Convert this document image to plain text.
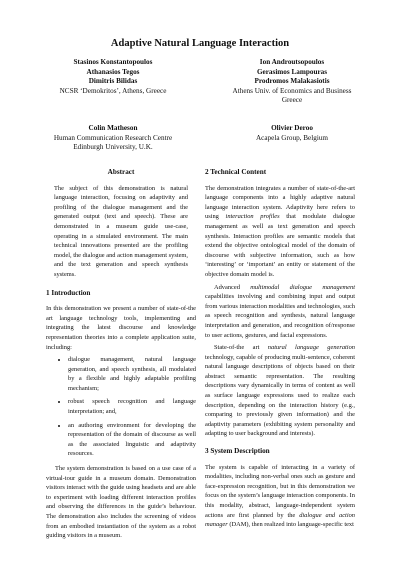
Adaptive Natural Language Interaction
Stasinos Konstantopoulos
Athanasios Tegos
Dimitris Bilidas
NCSR ‘Demokritos’, Athens, Greece
Ion Androutsopoulos
Gerasimos Lampouras
Prodromos Malakasiotis
Athens Univ. of Economics and Business
Greece
Colin Matheson
Human Communication Research Centre
Edinburgh University, U.K.
Olivier Deroo
Acapela Group, Belgium
Abstract

The subject of this demonstration is natural language interaction, focusing on adaptivity and profiling of the dialogue management and the generated output (text and speech). These are demonstrated in a museum guide use-case, operating in a simulated environment. The main technical innovations presented are the profiling model, the dialogue and action management system, and the text generation and speech synthesis systems.

1 Introduction

In this demonstration we present a number of state-of-the art language technology tools, implementing and integrating the latest discourse and knowledge representation theories into a complete application suite, including:

• dialogue management, natural language generation, and speech synthesis, all modulated by a flexible and highly adaptable profiling mechanism;
• robust speech recognition and language interpretation; and,
• an authoring environment for developing the representation of the domain of discourse as well as the associated linguistic and adaptivity resources.

The system demonstration is based on a use case of a virtual-tour guide in a museum domain. Demonstration visitors interact with the guide using headsets and are able to experiment with loading different interaction profiles and observing the differences in the guide’s behaviour. The demonstration also includes the screening of videos from an embodied instantiation of the system as a robot guiding visitors in a museum.

2 Technical Content

The demonstration integrates a number of state-of-the-art language components into a highly adaptive natural language interaction system. Adaptivity here refers to using interaction profiles that modulate dialogue management as well as text generation and speech synthesis. Interaction profiles are semantic models that extend the objective ontological model of the domain of discourse with subjective information, such as how ‘interesting’ or ‘important’ an entity or statement of the objective domain model is.

Advanced multimodal dialogue management capabilities involving and combining input and output from various interaction modalities and technologies, such as speech recognition and synthesis, natural language interpretation and generation, and recognition of/response to user actions, gestures, and facial expressions.

State-of-the art natural language generation technology, capable of producing multi-sentence, coherent natural language descriptions of objects based on their abstract semantic representation. The resulting descriptions vary dynamically in terms of content as well as surface language expressions used to realize each description, depending on the interaction history (e.g., comparing to previously given information) and the adaptivity parameters (exhibiting system personality and adapting to user background and interests).

3 System Description

The system is capable of interacting in a variety of modalities, including non-verbal ones such as gesture and face-expression recognition, but in this demonstration we focus on the system’s language interaction components. In this modality, abstract, language-independent system actions are first planned by the dialogue and action manager (DAM), then realized into language-specific text
